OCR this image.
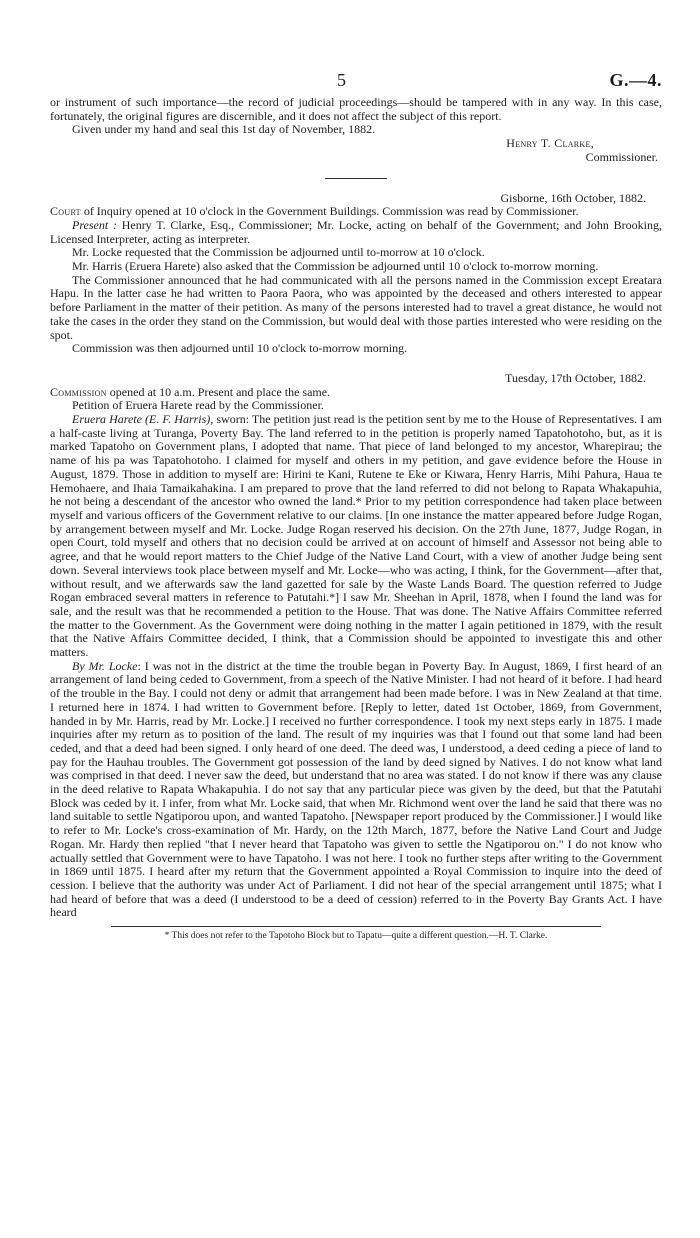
5	G.—4.

or instrument of such importance—the record of judicial proceedings—should be tampered with in any way. In this case, fortunately, the original figures are discernible, and it does not affect the subject of this report.

Given under my hand and seal this 1st day of November, 1882.

Henry T. Clarke,
Commissioner.

Gisborne, 16th October, 1882.

Court of Inquiry opened at 10 o'clock in the Government Buildings. Commission was read by Commissioner.

Present : Henry T. Clarke, Esq., Commissioner; Mr. Locke, acting on behalf of the Government; and John Brooking, Licensed Interpreter, acting as interpreter.

Mr. Locke requested that the Commission be adjourned until to-morrow at 10 o'clock.

Mr. Harris (Eruera Harete) also asked that the Commission be adjourned until 10 o'clock to-morrow morning.

The Commissioner announced that he had communicated with all the persons named in the Commission except Ereatara Hapu. In the latter case he had written to Paora Paora, who was appointed by the deceased and others interested to appear before Parliament in the matter of their petition. As many of the persons interested had to travel a great distance, he would not take the cases in the order they stand on the Commission, but would deal with those parties interested who were residing on the spot.

Commission was then adjourned until 10 o'clock to-morrow morning.

Tuesday, 17th October, 1882.

Commission opened at 10 a.m. Present and place the same.

Petition of Eruera Harete read by the Commissioner.

Eruera Harete (E. F. Harris), sworn: The petition just read is the petition sent by me to the House of Representatives. I am a half-caste living at Turanga, Poverty Bay. The land referred to in the petition is properly named Tapatohotoho, but, as it is marked Tapatoho on Government plans, I adopted that name. That piece of land belonged to my ancestor, Wharepirau; the name of his pa was Tapatohotoho. I claimed for myself and others in my petition, and gave evidence before the House in August, 1879. Those in addition to myself are: Hirini te Kani, Rutene te Eke or Kiwara, Henry Harris, Mihi Pahura, Haua te Hemohaere, and Ihaia Tamaikahakina. I am prepared to prove that the land referred to did not belong to Rapata Whakapuhia, he not being a descendant of the ancestor who owned the land.* Prior to my petition correspondence had taken place between myself and various officers of the Government relative to our claims. [In one instance the matter appeared before Judge Rogan, by arrangement between myself and Mr. Locke. Judge Rogan reserved his decision. On the 27th June, 1877, Judge Rogan, in open Court, told myself and others that no decision could be arrived at on account of himself and Assessor not being able to agree, and that he would report matters to the Chief Judge of the Native Land Court, with a view of another Judge being sent down. Several interviews took place between myself and Mr. Locke—who was acting, I think, for the Government—after that, without result, and we afterwards saw the land gazetted for sale by the Waste Lands Board. The question referred to Judge Rogan embraced several matters in reference to Patutahi.*] I saw Mr. Sheehan in April, 1878, when I found the land was for sale, and the result was that he recommended a petition to the House. That was done. The Native Affairs Committee referred the matter to the Government. As the Government were doing nothing in the matter I again petitioned in 1879, with the result that the Native Affairs Committee decided, I think, that a Commission should be appointed to investigate this and other matters.

By Mr. Locke: I was not in the district at the time the trouble began in Poverty Bay. In August, 1869, I first heard of an arrangement of land being ceded to Government, from a speech of the Native Minister. I had not heard of it before. I had heard of the trouble in the Bay. I could not deny or admit that arrangement had been made before. I was in New Zealand at that time. I returned here in 1874. I had written to Government before. [Reply to letter, dated 1st October, 1869, from Government, handed in by Mr. Harris, read by Mr. Locke.] I received no further correspondence. I took my next steps early in 1875. I made inquiries after my return as to position of the land. The result of my inquiries was that I found out that some land had been ceded, and that a deed had been signed. I only heard of one deed. The deed was, I understood, a deed ceding a piece of land to pay for the Hauhau troubles. The Government got possession of the land by deed signed by Natives. I do not know what land was comprised in that deed. I never saw the deed, but understand that no area was stated. I do not know if there was any clause in the deed relative to Rapata Whakapuhia. I do not say that any particular piece was given by the deed, but that the Patutahi Block was ceded by it. I infer, from what Mr. Locke said, that when Mr. Richmond went over the land he said that there was no land suitable to settle Ngatiporou upon, and wanted Tapatoho. [Newspaper report produced by the Commissioner.] I would like to refer to Mr. Locke's cross-examination of Mr. Hardy, on the 12th March, 1877, before the Native Land Court and Judge Rogan. Mr. Hardy then replied "that I never heard that Tapatoho was given to settle the Ngatiporou on." I do not know who actually settled that Government were to have Tapatoho. I was not here. I took no further steps after writing to the Government in 1869 until 1875. I heard after my return that the Government appointed a Royal Commission to inquire into the deed of cession. I believe that the authority was under Act of Parliament. I did not hear of the special arrangement until 1875; what I had heard of before that was a deed (I understood to be a deed of cession) referred to in the Poverty Bay Grants Act. I have heard

* This does not refer to the Tapotoho Block but to Tapatu—quite a different question.—H. T. Clarke.
